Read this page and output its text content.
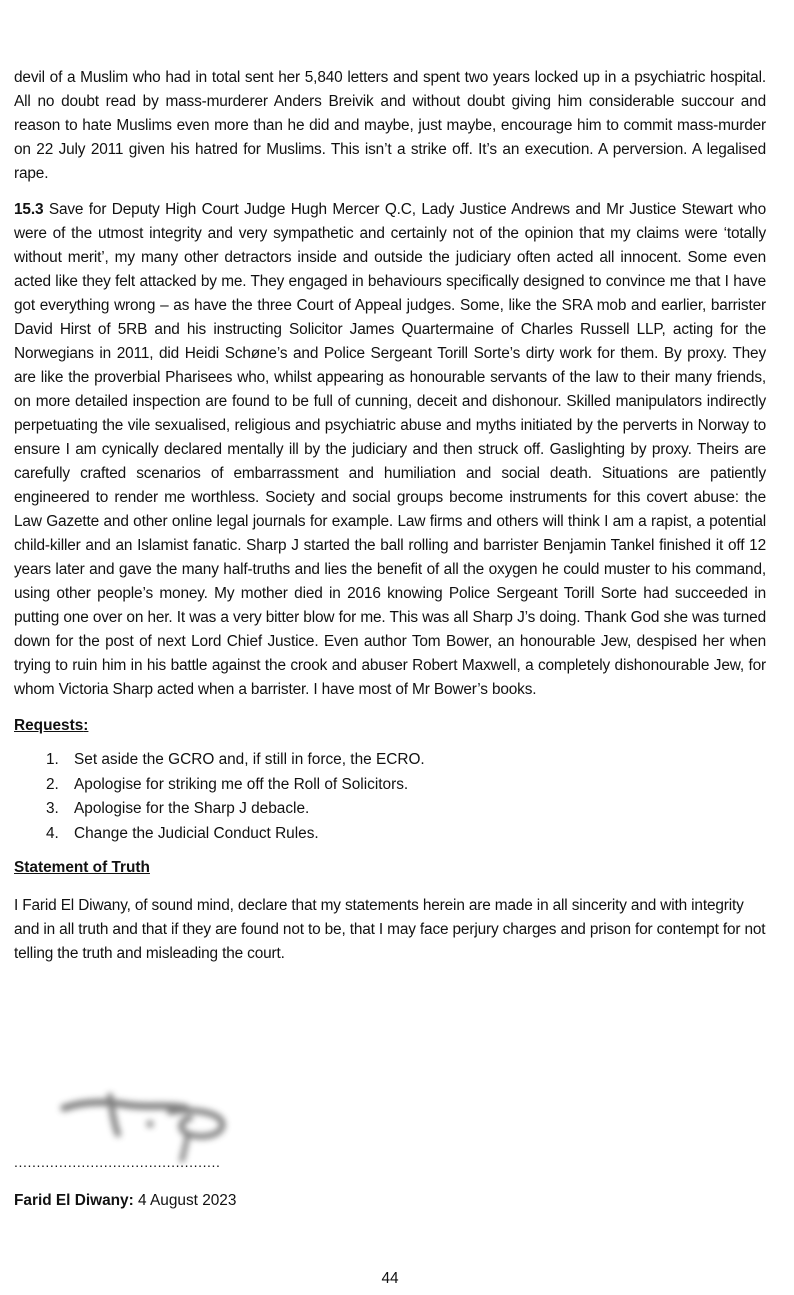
devil of a Muslim who had in total sent her 5,840 letters and spent two years locked up in a psychiatric hospital. All no doubt read by mass-murderer Anders Breivik and without doubt giving him considerable succour and reason to hate Muslims even more than he did and maybe, just maybe, encourage him to commit mass-murder on 22 July 2011 given his hatred for Muslims. This isn’t a strike off. It’s an execution. A perversion. A legalised rape.

15.3 Save for Deputy High Court Judge Hugh Mercer Q.C, Lady Justice Andrews and Mr Justice Stewart who were of the utmost integrity and very sympathetic and certainly not of the opinion that my claims were ‘totally without merit’, my many other detractors inside and outside the judiciary often acted all innocent. Some even acted like they felt attacked by me. They engaged in behaviours specifically designed to convince me that I have got everything wrong – as have the three Court of Appeal judges. Some, like the SRA mob and earlier, barrister David Hirst of 5RB and his instructing Solicitor James Quartermaine of Charles Russell LLP, acting for the Norwegians in 2011, did Heidi Schøne’s and Police Sergeant Torill Sorte’s dirty work for them. By proxy. They are like the proverbial Pharisees who, whilst appearing as honourable servants of the law to their many friends, on more detailed inspection are found to be full of cunning, deceit and dishonour. Skilled manipulators indirectly perpetuating the vile sexualised, religious and psychiatric abuse and myths initiated by the perverts in Norway to ensure I am cynically declared mentally ill by the judiciary and then struck off. Gaslighting by proxy. Theirs are carefully crafted scenarios of embarrassment and humiliation and social death. Situations are patiently engineered to render me worthless. Society and social groups become instruments for this covert abuse: the Law Gazette and other online legal journals for example. Law firms and others will think I am a rapist, a potential child-killer and an Islamist fanatic. Sharp J started the ball rolling and barrister Benjamin Tankel finished it off 12 years later and gave the many half-truths and lies the benefit of all the oxygen he could muster to his command, using other people’s money. My mother died in 2016 knowing Police Sergeant Torill Sorte had succeeded in putting one over on her. It was a very bitter blow for me. This was all Sharp J’s doing. Thank God she was turned down for the post of next Lord Chief Justice. Even author Tom Bower, an honourable Jew, despised her when trying to ruin him in his battle against the crook and abuser Robert Maxwell, a completely dishonourable Jew, for whom Victoria Sharp acted when a barrister. I have most of Mr Bower’s books.

Requests:
1. Set aside the GCRO and, if still in force, the ECRO.
2. Apologise for striking me off the Roll of Solicitors.
3. Apologise for the Sharp J debacle.
4. Change the Judicial Conduct Rules.
Statement of Truth

I Farid El Diwany, of sound mind, declare that my statements herein are made in all sincerity and with integrity and in all truth and that if they are found not to be, that I may face perjury charges and prison for contempt for not telling the truth and misleading the court.

..............................................
Farid El Diwany: 4 August 2023
44
